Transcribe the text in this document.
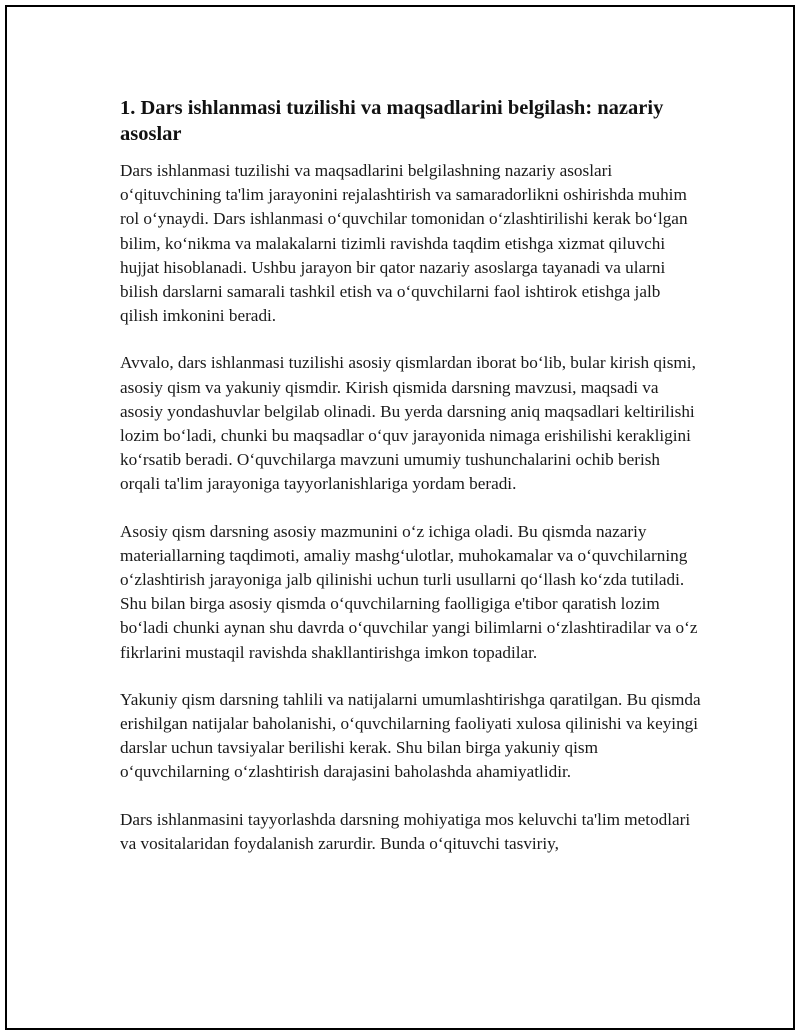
1. Dars ishlanmasi tuzilishi va maqsadlarini belgilash: nazariy asoslar

Dars ishlanmasi tuzilishi va maqsadlarini belgilashning nazariy asoslari o‘qituvchining ta'lim jarayonini rejalashtirish va samaradorlikni oshirishda muhim rol o‘ynaydi. Dars ishlanmasi o‘quvchilar tomonidan o‘zlashtirilishi kerak bo‘lgan bilim, ko‘nikma va malakalarni tizimli ravishda taqdim etishga xizmat qiluvchi hujjat hisoblanadi. Ushbu jarayon bir qator nazariy asoslarga tayanadi va ularni bilish darslarni samarali tashkil etish va o‘quvchilarni faol ishtirok etishga jalb qilish imkonini beradi.

Avvalo, dars ishlanmasi tuzilishi asosiy qismlardan iborat bo‘lib, bular kirish qismi, asosiy qism va yakuniy qismdir. Kirish qismida darsning mavzusi, maqsadi va asosiy yondashuvlar belgilab olinadi. Bu yerda darsning aniq maqsadlari keltirilishi lozim bo‘ladi, chunki bu maqsadlar o‘quv jarayonida nimaga erishilishi kerakligini ko‘rsatib beradi. O‘quvchilarga mavzuni umumiy tushunchalarini ochib berish orqali ta'lim jarayoniga tayyorlanishlariga yordam beradi.

Asosiy qism darsning asosiy mazmunini o‘z ichiga oladi. Bu qismda nazariy materiallarning taqdimoti, amaliy mashg‘ulotlar, muhokamalar va o‘quvchilarning o‘zlashtirish jarayoniga jalb qilinishi uchun turli usullarni qo‘llash ko‘zda tutiladi. Shu bilan birga asosiy qismda o‘quvchilarning faolligiga e'tibor qaratish lozim bo‘ladi chunki aynan shu davrda o‘quvchilar yangi bilimlarni o‘zlashtiradilar va o‘z fikrlarini mustaqil ravishda shakllantirishga imkon topadilar.

Yakuniy qism darsning tahlili va natijalarni umumlashtirishga qaratilgan. Bu qismda erishilgan natijalar baholanishi, o‘quvchilarning faoliyati xulosa qilinishi va keyingi darslar uchun tavsiyalar berilishi kerak. Shu bilan birga yakuniy qism o‘quvchilarning o‘zlashtirish darajasini baholashda ahamiyatlidir.

Dars ishlanmasini tayyorlashda darsning mohiyatiga mos keluvchi ta'lim metodlari va vositalaridan foydalanish zarurdir. Bunda o‘qituvchi tasviriy,
